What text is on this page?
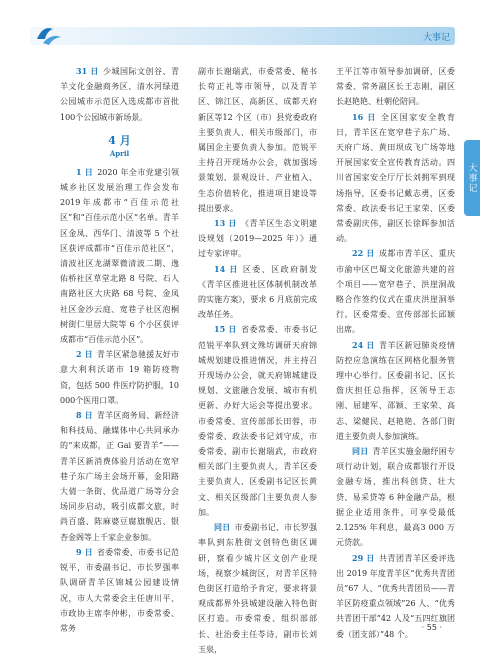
大事记
大事记

31 日 少城国际文创谷、青羊文化金融商务区、清水河绿道公园城市示范区入选成都市首批100个公园城市新场景。

4 月
April

1 日 2020 年全市党建引领城乡社区发展治理工作会发布2019年成都市“百佳示范社区”和“百佳示范小区”名单。青羊区金凤、西华门、清波等 5 个社区获评成都市“百佳示范社区”，清波社区龙湖翠微清波二期、逸佑桥社区草堂北路 8 号院、石人南路社区大庆路 68 号院、金凤社区金沙云庭、宽巷子社区泡桐树街仁里居大院等 6 个小区获评成都市“百佳示范小区”。

2 日 青羊区紧急驰援友好市意大利利沃诺市 19 箱防疫物资，包括 500 件医疗防护服，10 000个医用口罩。

8 日 青羊区商务局、新经济和科技局、融媒体中心共同承办的“来成都，正 Gai 要青羊”——青羊区新消费体验月活动在宽窄巷子东广场主会场开幕，金阳路大倩一条街、优品道广场等分会场同步启动，吸引成都文旅，时尚百盛、陈麻婆豆腐旗舰店、银杏金阁等上千家企业参加。

9 日 省委常委、市委书记范锐平，市委副书记、市长罗强率队调研青羊区锦城公园建设情况，市人大常委会主任唐川平、市政协主席李仲彬，市委常委、常务

副市长谢瑞武，市委常委、秘书长苟正礼等市领导，以及青羊区、锦江区、高新区、成都天府新区等12 个区（市）县党委政府主要负责人、相关市级部门，市属国企主要负责人参加。范锐平主持召开现场办公会，就加强场景策划、景观设计、产业植入、生态价值转化，推进项目建设等提出要求。

13 日 《青羊区生态文明建设规划（2019—2025 年）》通过专家评审。

14 日 区委、区政府制发《青羊区推进社区体制机制改革的实施方案》，要求 6 月底前完成改革任务。

15 日 省委常委、市委书记范锐平率队到文殊坊调研天府锦城规划建设推进情况，并主持召开现场办公会，就天府锦城建设规划、文旅融合发展、城市有机更新、办好大运会等提出要求。市委常委、宣传部部长田蓉，市委常委、政法委书记刘守成，市委常委、副市长谢瑞武，市政府相关部门主要负责人，青羊区委主要负责人、区委副书记区长黄文、相关区级部门主要负责人参加。

同日 市委副书记、市长罗强率队到东胜街文创特色街区调研，察看少城片区文创产业现场，视察少城街区，对青羊区特色街区打造给予肯定，要求将景观成都界外县城建设融入特色街区打造。市委常委、组织部部长、社治委主任苓诗，副市长刘玉泉，

王平江等市领导参加调研，区委常委、常务副区长王志刚，副区长赵艳艳、杜朝伦陪同。

16 日 全区国家安全教育日，青羊区在宽窄巷子东广场、天府广场、黄田坝成飞广场等地开展国家安全宣传教育活动。四川省国家安全厅厅长刘拥军到现场指导，区委书记戴志勇，区委常委、政法委书记王家荣、区委常委副庆伟，副区长徐晖参加活动。

22 日 成都市青羊区、重庆市渝中区巴蜀文化旅游共建的首个项目——宽窄巷子、洪崖洞战略合作签约仪式在重庆洪崖洞举行。区委常委、宣传部部长邱颖出席。

24 日 青羊区新冠肺炎疫情防控应急演练在区网格化服务管理中心举行。区委副书记、区长詹庆担任总指挥，区领导王志刚、屈建军、邵颖、王家荣、高志、梁健民、赵艳艳、各部门街道主要负责人参加演练。

同日 青羊区实施金融纾困专项行动计划，联合成都银行开设金融专场，推出科创贷、壮大贷、易采贷等 6 种金融产品，根据企业适用条件，可享受最低 2.125% 年利息，最高3 000 万元贷款。

29 日 共青团青羊区委评选出 2019 年度青羊区“优秀共青团员”67 人、“优秀共青团员——青羊区防疫重点领域”26 人、“优秀共青团干部”42 人及“五四红旗团委（团支部）”48 个。

· 55 ·
